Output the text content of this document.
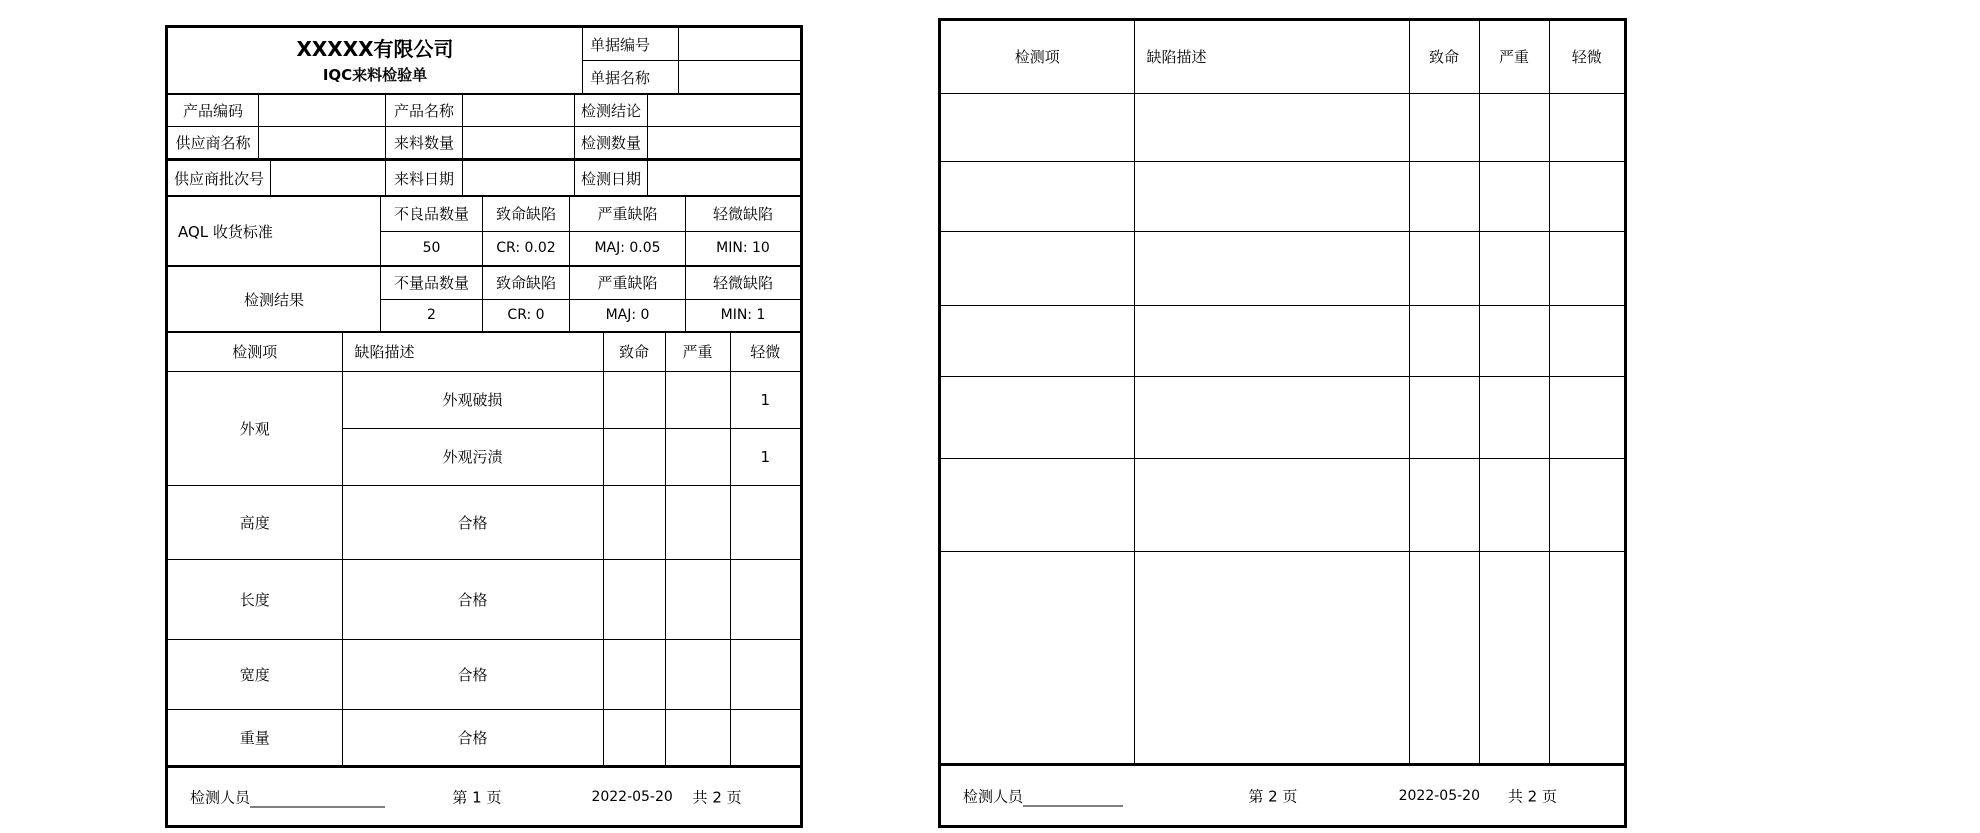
XXXXX有限公司
IQC来料检验单
单据编号
单据名称
产品编码	产品名称	检测结论
供应商名称	来料数量	检测数量
供应商批次号	来料日期	检测日期
AQL 收货标准
不良品数量	致命缺陷	严重缺陷	轻微缺陷
50	CR: 0.02	MAJ: 0.05	MIN: 10
检测结果
不量品数量	致命缺陷	严重缺陷	轻微缺陷
2	CR: 0	MAJ: 0	MIN: 1
检测项	缺陷描述	致命	严重	轻微
外观	外观破损			1
	外观污渍			1
高度	合格			
长度	合格			
宽度	合格			
重量	合格			
检测人员	第 1 页	2022-05-20 共 2 页
检测项	缺陷描述	致命	严重	轻微

检测人员	第 2 页	2022-05-20 共 2 页
